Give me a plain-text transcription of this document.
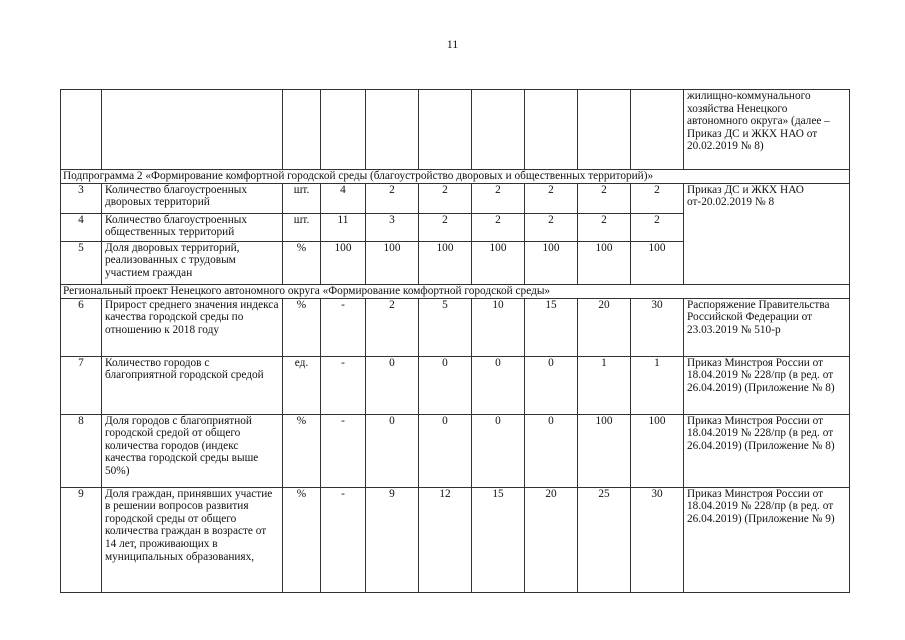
11
										жилищно-коммунального хозяйства Ненецкого автономного округа» (далее – Приказ ДС и ЖКХ НАО от 20.02.2019 № 8)
Подпрограмма 2 «Формирование комфортной городской среды (благоустройство дворовых и общественных территорий)»										
3	Количество благоустроенных дворовых территорий	шт.	4	2	2	2	2	2	2	Приказ ДС и ЖКХ НАО от-20.02.2019 № 8
4	Количество благоустроенных общественных территорий	шт.	11	3	2	2	2	2	2	
5	Доля дворовых территорий, реализованных с трудовым участием граждан	%	100	100	100	100	100	100	100	
Региональный проект Ненецкого автономного округа «Формирование комфортной городской среды»										
6	Прирост среднего значения индекса качества городской среды по отношению к 2018 году	%	-	2	5	10	15	20	30	Распоряжение Правительства Российской Федерации от 23.03.2019 № 510-р
7	Количество городов с благоприятной городской средой	ед.	-	0	0	0	0	1	1	Приказ Минстроя России от 18.04.2019 № 228/пр (в ред. от 26.04.2019) (Приложение № 8)
8	Доля городов с благоприятной городской средой от общего количества городов (индекс качества городской среды выше 50%)	%	-	0	0	0	0	100	100	Приказ Минстроя России от 18.04.2019 № 228/пр (в ред. от 26.04.2019) (Приложение № 8)
9	Доля граждан, принявших участие в решении вопросов развития городской среды от общего количества граждан в возрасте от 14 лет, проживающих в муниципальных образованиях,	%	-	9	12	15	20	25	30	Приказ Минстроя России от 18.04.2019 № 228/пр (в ред. от 26.04.2019) (Приложение № 9)
